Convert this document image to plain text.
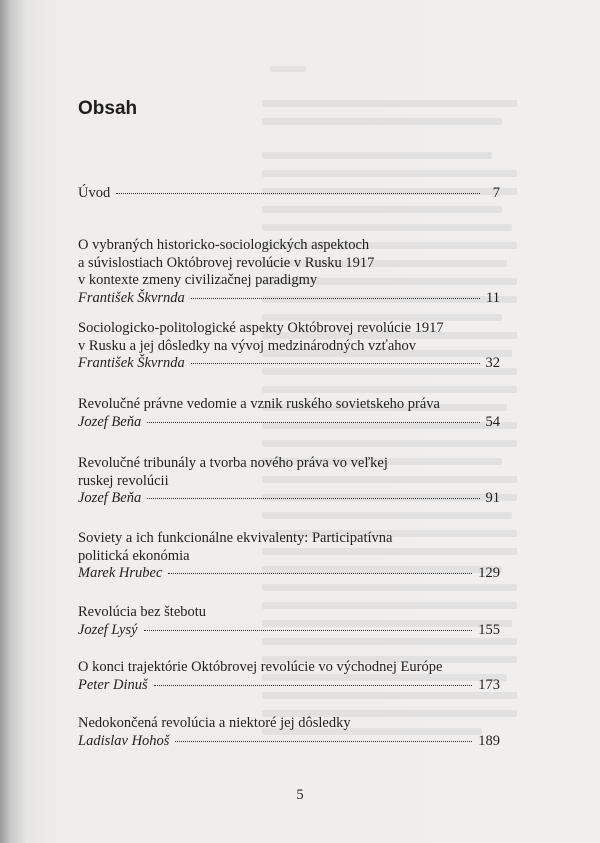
Obsah
Úvod	7
O vybraných historicko-sociologických aspektoch
a súvislostiach Októbrovej revolúcie v Rusku 1917
v kontexte zmeny civilizačnej paradigmy
František Škvrnda	11
Sociologicko-politologické aspekty Októbrovej revolúcie 1917
v Rusku a jej dôsledky na vývoj medzinárodných vzťahov
František Škvrnda	32
Revolučné právne vedomie a vznik ruského sovietskeho práva
Jozef Beňa	54
Revolučné tribunály a tvorba nového práva vo veľkej
ruskej revolúcii
Jozef Beňa	91
Soviety a ich funkcionálne ekvivalenty: Participatívna
politická ekonómia
Marek Hrubec	129
Revolúcia bez štebotu
Jozef Lysý	155
O konci trajektórie Októbrovej revolúcie vo východnej Európe
Peter Dinuš	173
Nedokončená revolúcia a niektoré jej dôsledky
Ladislav Hohoš	189
5
